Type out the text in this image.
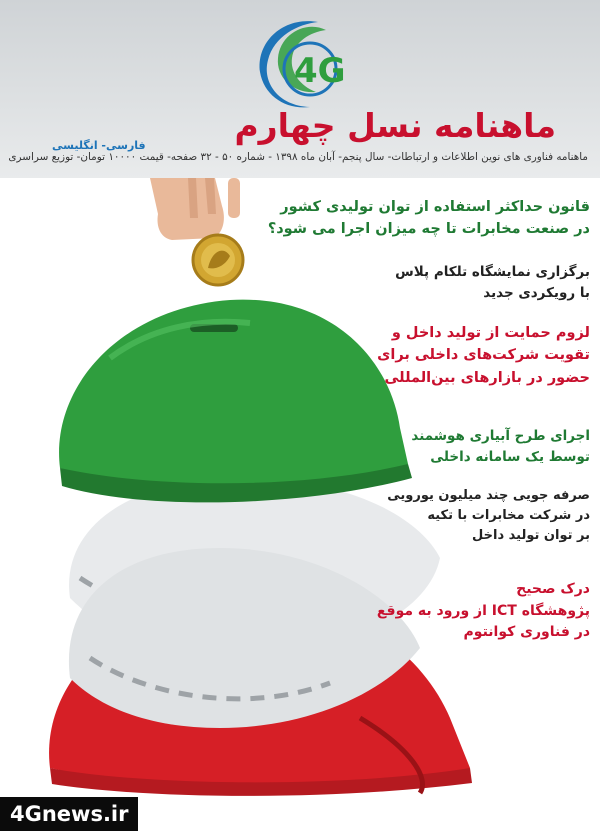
4G
ماهنامه نسل چهارم
فارسی- انگلیسی
ماهنامه فناوری های نوین اطلاعات و ارتباطات- سال پنجم- آبان ماه ۱۳۹۸ - شماره ۵۰ - ۳۲ صفحه- قیمت ۱۰۰۰۰ تومان- توزیع سراسری
قانون حداکثر استفاده از توان تولیدی کشور
در صنعت مخابرات تا چه میزان اجرا می شود؟
برگزاری نمایشگاه تلکام پلاس
با رویکردی جدید
لزوم حمایت از تولید داخل و
تقویت شرکت‌های داخلی برای
حضور در بازارهای بین‌المللی
اجرای طرح آبیاری هوشمند
توسط یک سامانه داخلی
صرفه جویی چند میلیون یورویی
در شرکت مخابرات با تکیه
بر توان تولید داخل
درک صحیح
پژوهشگاه ICT از ورود به موقع
در فناوری کوانتوم
4Gnews.ir
